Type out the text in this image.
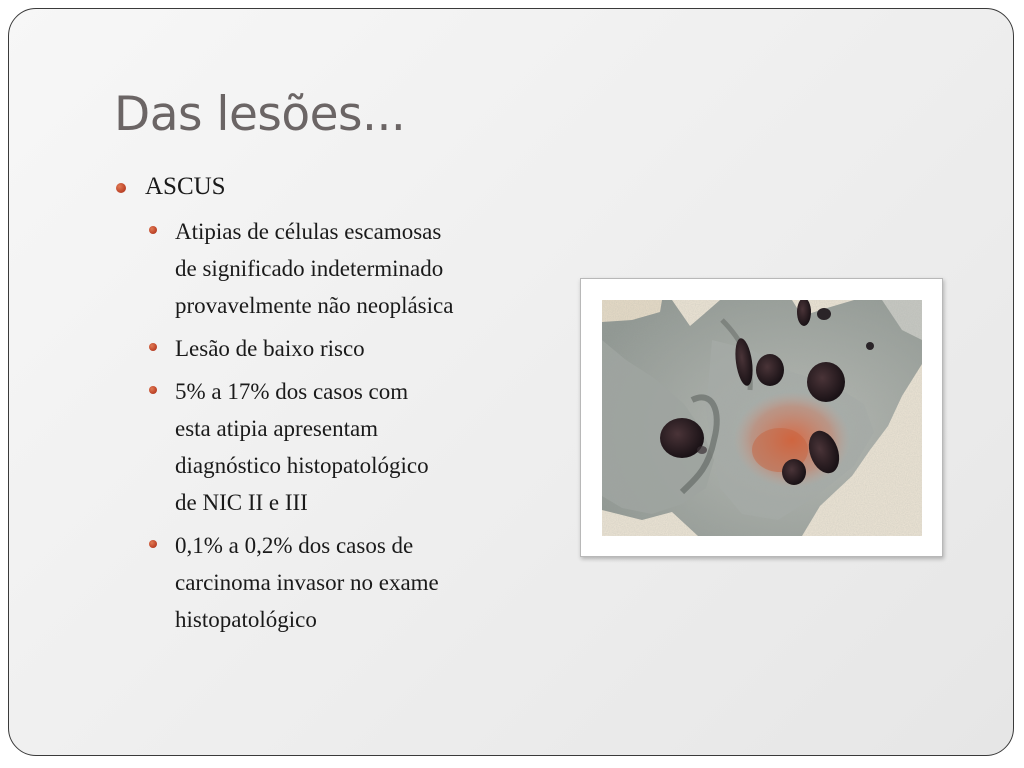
Das lesões...
ASCUS
Atipias de células escamosas
de significado indeterminado
provavelmente não neoplásica
Lesão de baixo risco
5% a 17% dos casos com
esta atipia apresentam
diagnóstico histopatológico
de NIC II e III
0,1% a 0,2% dos casos de
carcinoma invasor no exame
histopatológico
